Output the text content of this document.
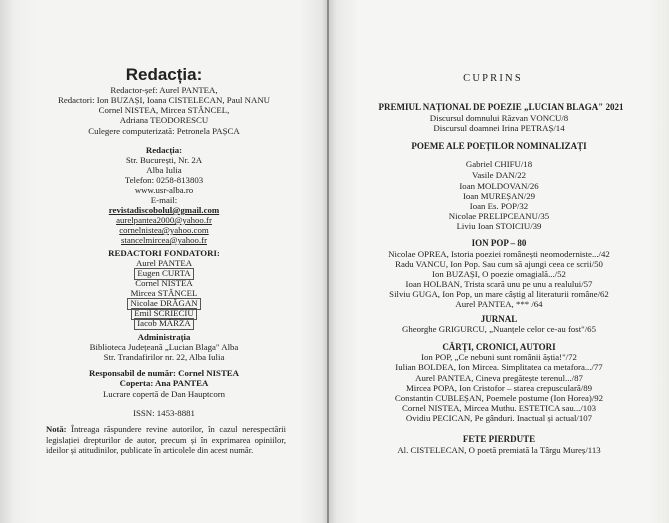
Redacția:
Redactor-șef: Aurel PANTEA,
Redactori: Ion BUZAȘI, Ioana CISTELECAN, Paul NANU
Cornel NISTEA, Mircea STĂNCEL,
Adriana TEODORESCU
Culegere computerizată: Petronela PAȘCA
Redacția:
Str. București, Nr. 2A
Alba Iulia
Telefon: 0258-813803
www.usr-alba.ro
E-mail:
revistadiscobolul@gmail.com
aurelpantea2000@yahoo.fr
cornelnistea@yahoo.com
stancelmircea@yahoo.fr
REDACTORI FONDATORI:
Aurel PANTEA
Eugen CURTA
Cornel NISTEA
Mircea STĂNCEL
Nicolae DRĂGAN
Emil SCRIECIU
Iacob MÂRZA
Administrația
Biblioteca Județeană „Lucian Blaga" Alba
Str. Trandafirilor nr. 22, Alba Iulia
Responsabil de număr: Cornel NISTEA
Coperta: Ana PANTEA
Lucrare copertă de Dan Hauptcorn
ISSN: 1453-8881
Notă: Întreaga răspundere revine autorilor, în cazul nerespectării legislației drepturilor de autor, precum și în exprimarea opiniilor, ideilor și atitudinilor, publicate în articolele din acest număr.
CUPRINS
PREMIUL NAȚIONAL DE POEZIE „LUCIAN BLAGA" 2021
Discursul domnului Răzvan VONCU/8
Discursul doamnei Irina PETRAȘ/14
POEME ALE POEȚILOR NOMINALIZAȚI
Gabriel CHIFU/18
Vasile DAN/22
Ioan MOLDOVAN/26
Ioan MUREȘAN/29
Ioan Es. POP/32
Nicolae PRELIPCEANU/35
Liviu Ioan STOICIU/39
ION POP – 80
Nicolae OPREA, Istoria poeziei românești neomoderniste.../42
Radu VANCU, Ion Pop. Sau cum să ajungi ceea ce scrii/50
Ion BUZAȘI, O poezie omagială.../52
Ioan HOLBAN, Trista scară unu pe unu a realului/57
Silviu GUGA, Ion Pop, un mare câștig al literaturii române/62
Aurel PANTEA, *** /64
JURNAL
Gheorghe GRIGURCU, „Nuanțele celor ce-au fost"/65
CĂRȚI, CRONICI, AUTORI
Ion POP, „Ce nebuni sunt românii ăștia!"/72
Iulian BOLDEA, Ion Mircea. Simplitatea ca metafora.../77
Aurel PANTEA, Cineva pregătește terenul.../87
Mircea POPA, Ion Cristofor – starea crepusculară/89
Constantin CUBLEȘAN, Poemele postume (Ion Horea)/92
Cornel NISTEA, Mircea Muthu. ESTETICA sau.../103
Ovidiu PECICAN, Pe gânduri. Inactual și actual/107
FETE PIERDUTE
Al. CISTELECAN, O poetă premiată la Târgu Mureș/113
